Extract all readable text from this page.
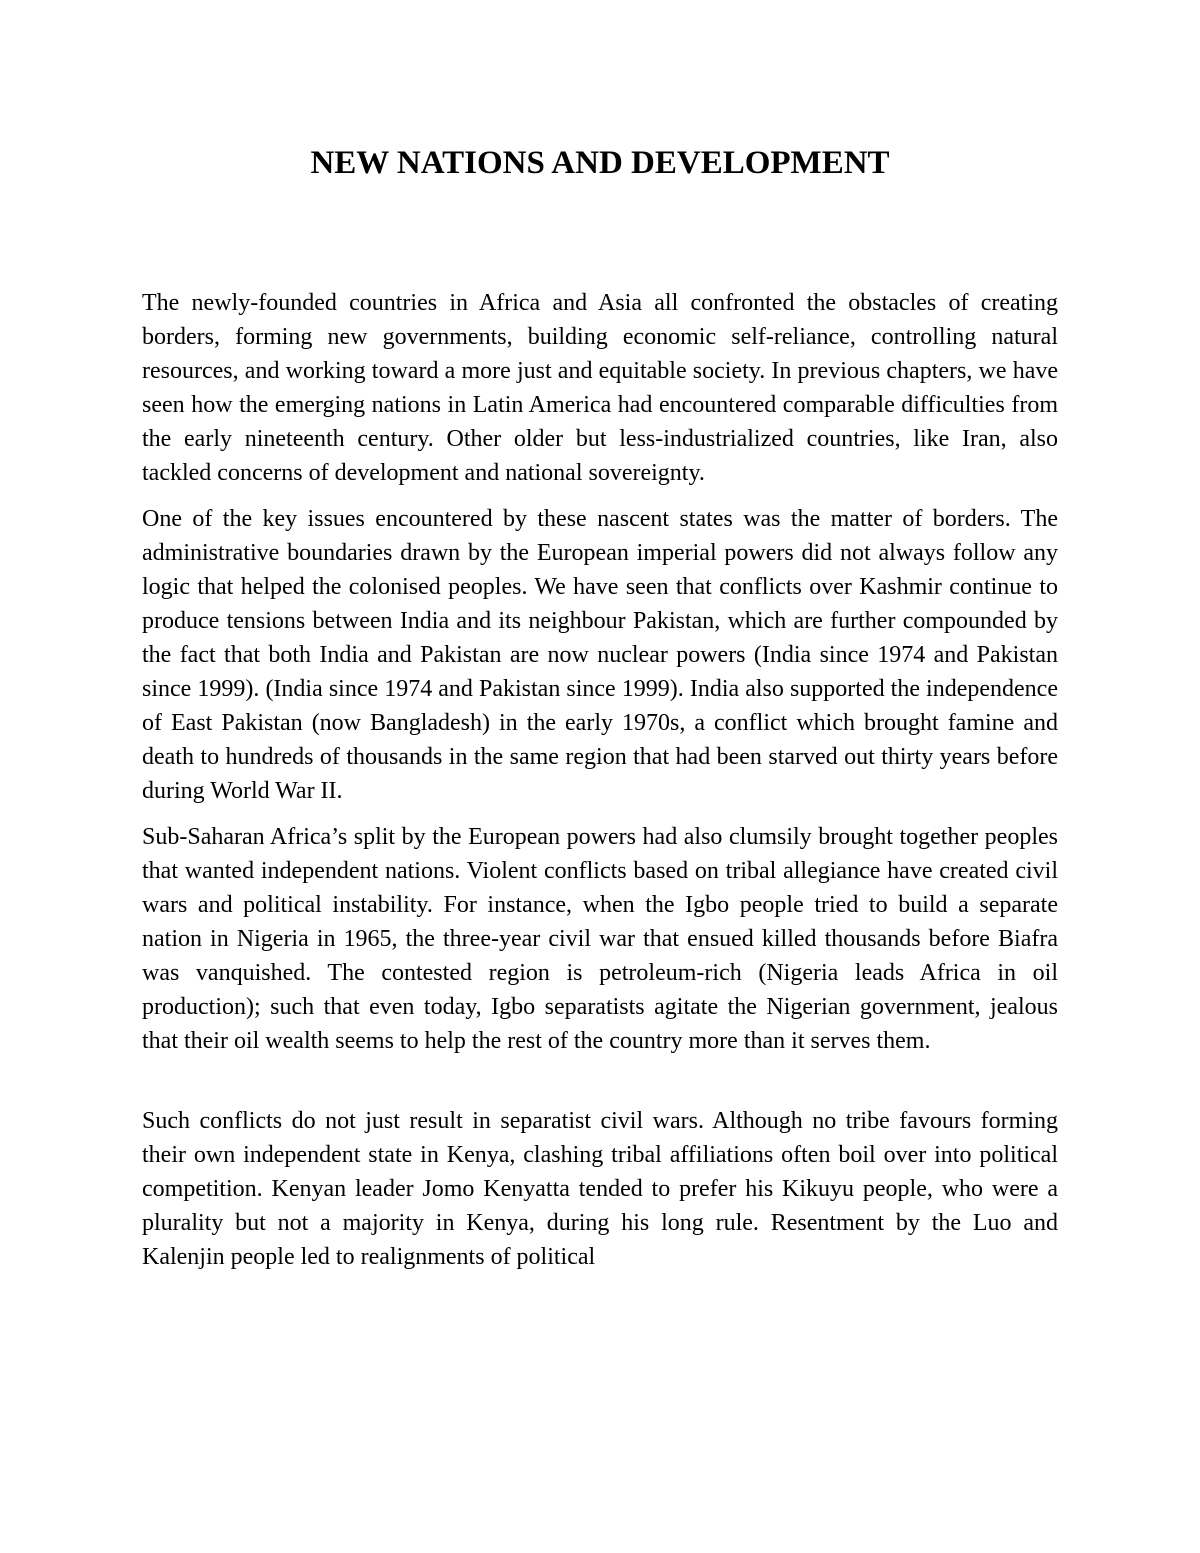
NEW NATIONS AND DEVELOPMENT

The newly-founded countries in Africa and Asia all confronted the obstacles of creating borders, forming new governments, building economic self-reliance, controlling natural resources, and working toward a more just and equitable society. In previous chapters, we have seen how the emerging nations in Latin America had encountered comparable difficulties from the early nineteenth century. Other older but less-industrialized countries, like Iran, also tackled concerns of development and national sovereignty.

One of the key issues encountered by these nascent states was the matter of borders. The administrative boundaries drawn by the European imperial powers did not always follow any logic that helped the colonised peoples. We have seen that conflicts over Kashmir continue to produce tensions between India and its neighbour Pakistan, which are further compounded by the fact that both India and Pakistan are now nuclear powers (India since 1974 and Pakistan since 1999). (India since 1974 and Pakistan since 1999). India also supported the independence of East Pakistan (now Bangladesh) in the early 1970s, a conflict which brought famine and death to hundreds of thousands in the same region that had been starved out thirty years before during World War II.

Sub-Saharan Africa’s split by the European powers had also clumsily brought together peoples that wanted independent nations. Violent conflicts based on tribal allegiance have created civil wars and political instability. For instance, when the Igbo people tried to build a separate nation in Nigeria in 1965, the three-year civil war that ensued killed thousands before Biafra was vanquished. The contested region is petroleum-rich (Nigeria leads Africa in oil production); such that even today, Igbo separatists agitate the Nigerian government, jealous that their oil wealth seems to help the rest of the country more than it serves them.

Such conflicts do not just result in separatist civil wars. Although no tribe favours forming their own independent state in Kenya, clashing tribal affiliations often boil over into political competition. Kenyan leader Jomo Kenyatta tended to prefer his Kikuyu people, who were a plurality but not a majority in Kenya, during his long rule. Resentment by the Luo and Kalenjin people led to realignments of political
